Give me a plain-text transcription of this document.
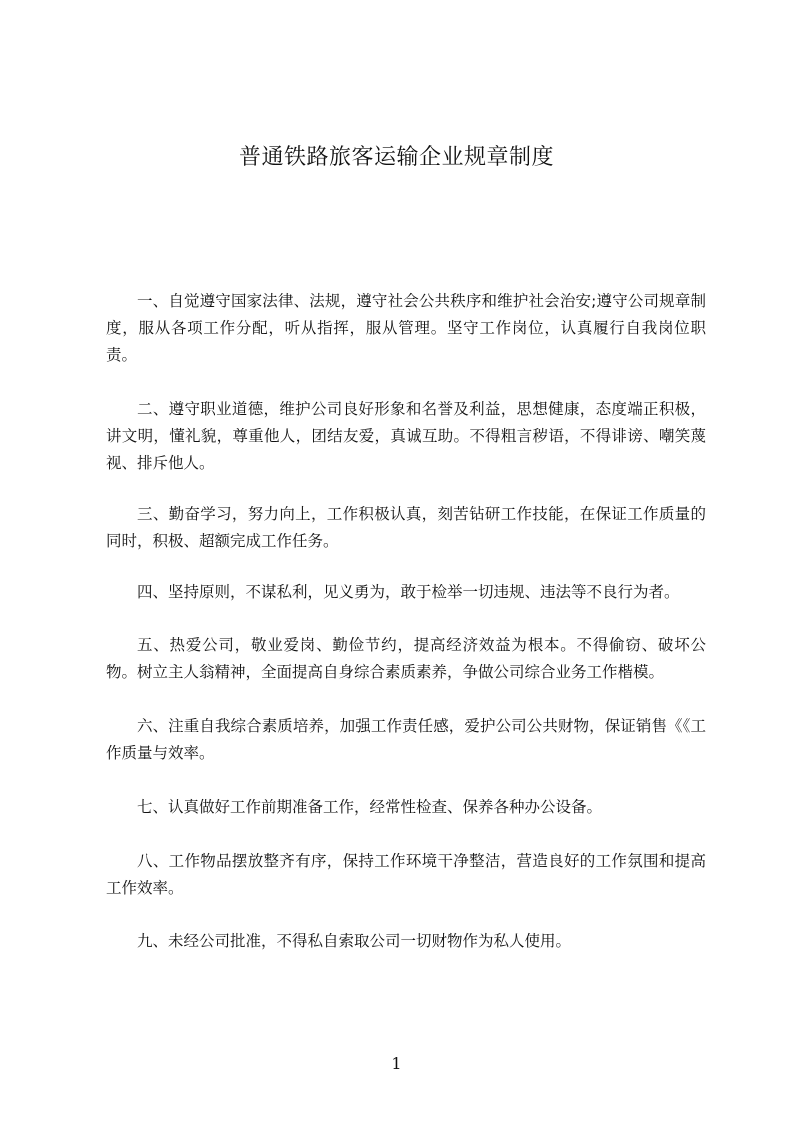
普通铁路旅客运输企业规章制度

一、自觉遵守国家法律、法规，遵守社会公共秩序和维护社会治安;遵守公司规章制度，服从各项工作分配，听从指挥，服从管理。坚守工作岗位，认真履行自我岗位职责。

二、遵守职业道德，维护公司良好形象和名誉及利益，思想健康，态度端正积极，讲文明，懂礼貌，尊重他人，团结友爱，真诚互助。不得粗言秽语，不得诽谤、嘲笑蔑视、排斥他人。

三、勤奋学习，努力向上，工作积极认真，刻苦钻研工作技能，在保证工作质量的同时，积极、超额完成工作任务。

四、坚持原则，不谋私利，见义勇为，敢于检举一切违规、违法等不良行为者。

五、热爱公司，敬业爱岗、勤俭节约，提高经济效益为根本。不得偷窃、破坏公物。树立主人翁精神，全面提高自身综合素质素养，争做公司综合业务工作楷模。

六、注重自我综合素质培养，加强工作责任感，爱护公司公共财物，保证销售《《工作质量与效率。

七、认真做好工作前期准备工作，经常性检查、保养各种办公设备。

八、工作物品摆放整齐有序，保持工作环境干净整洁，营造良好的工作氛围和提高工作效率。

九、未经公司批准，不得私自索取公司一切财物作为私人使用。

1
